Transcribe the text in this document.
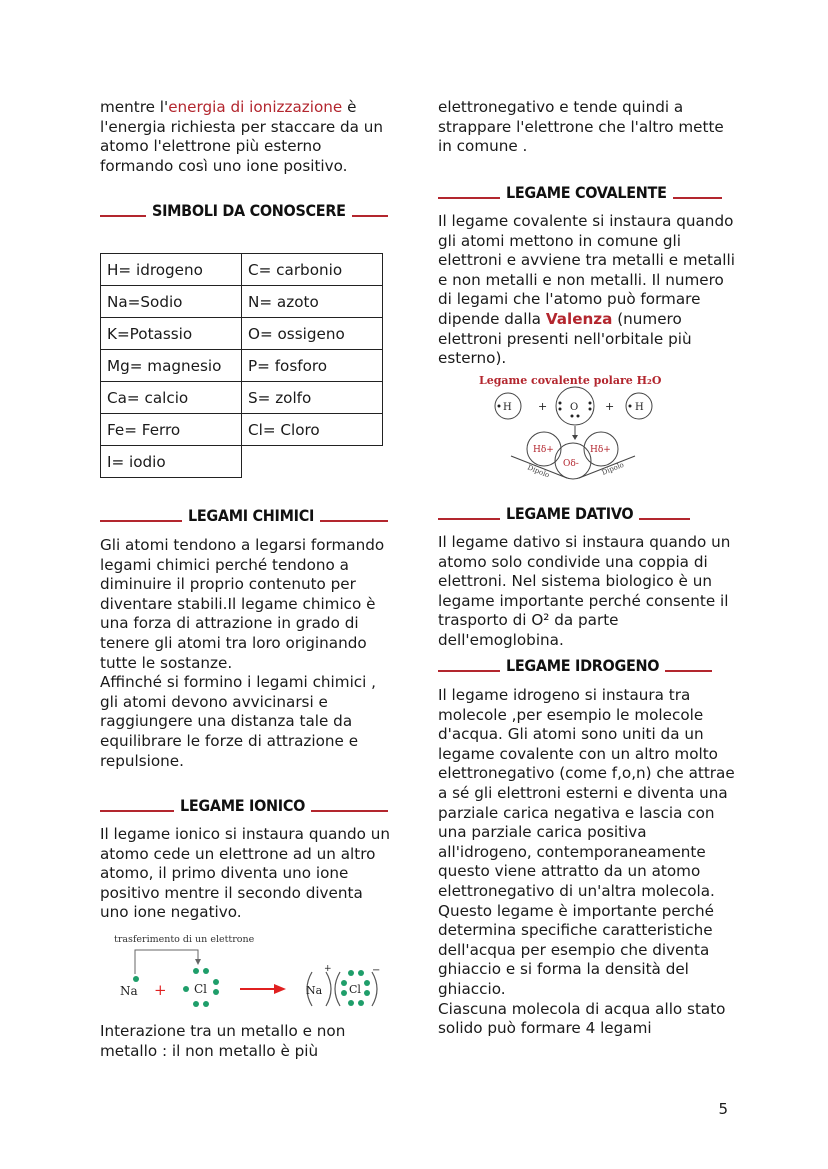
mentre l'energia di ionizzazione è l'energia richiesta per staccare da un atomo l'elettrone più esterno formando così uno ione positivo.

SIMBOLI DA CONOSCERE
H= idrogeno	C= carbonio
Na=Sodio	N= azoto
K=Potassio	O= ossigeno
Mg= magnesio	P= fosforo
Ca= calcio	S= zolfo
Fe= Ferro	Cl= Cloro
I= iodio	
LEGAMI CHIMICI

Gli atomi tendono a legarsi formando legami chimici perché tendono a diminuire il proprio contenuto per diventare stabili.Il legame chimico è una forza di attrazione in grado di tenere gli atomi tra loro originando tutte le sostanze.

Affinché si formino i legami chimici , gli atomi devono avvicinarsi e raggiungere una distanza tale da equilibrare le forze di attrazione e repulsione.

LEGAME IONICO

Il legame ionico si instaura quando un atomo cede un elettrone ad un altro atomo, il primo diventa uno ione positivo mentre il secondo diventa uno ione negativo.

trasferimento di un elettrone
Na + Cl	Na
+
Cl
−

Interazione tra un metallo e non metallo : il non metallo è più

elettronegativo e tende quindi a strappare l'elettrone che l'altro mette in comune .

LEGAME COVALENTE

Il legame covalente si instaura quando gli atomi mettono in comune gli elettroni e avviene tra metalli e metalli e non metalli e non metalli. Il numero di legami che l'atomo può formare dipende dalla Valenza (numero elettroni presenti nell'orbitale più esterno).

Legame covalente polare H₂O
H + O + H
Hδ+	Hδ+
Oδ-
Dipolo	Dipolo
LEGAME DATIVO

Il legame dativo si instaura quando un atomo solo condivide una coppia di elettroni. Nel sistema biologico è un legame importante perché consente il trasporto di O² da parte dell'emoglobina.

LEGAME IDROGENO

Il legame idrogeno si instaura tra molecole ,per esempio le molecole d'acqua. Gli atomi sono uniti da un legame covalente con un altro molto elettronegativo (come f,o,n) che attrae a sé gli elettroni esterni e diventa una parziale carica negativa e lascia con una parziale carica positiva all'idrogeno, contemporaneamente questo viene attratto da un atomo elettronegativo di un'altra molecola. Questo legame è importante perché determina specifiche caratteristiche dell'acqua per esempio che diventa ghiaccio e si forma la densità del ghiaccio.

Ciascuna molecola di acqua allo stato solido può formare 4 legami

5
